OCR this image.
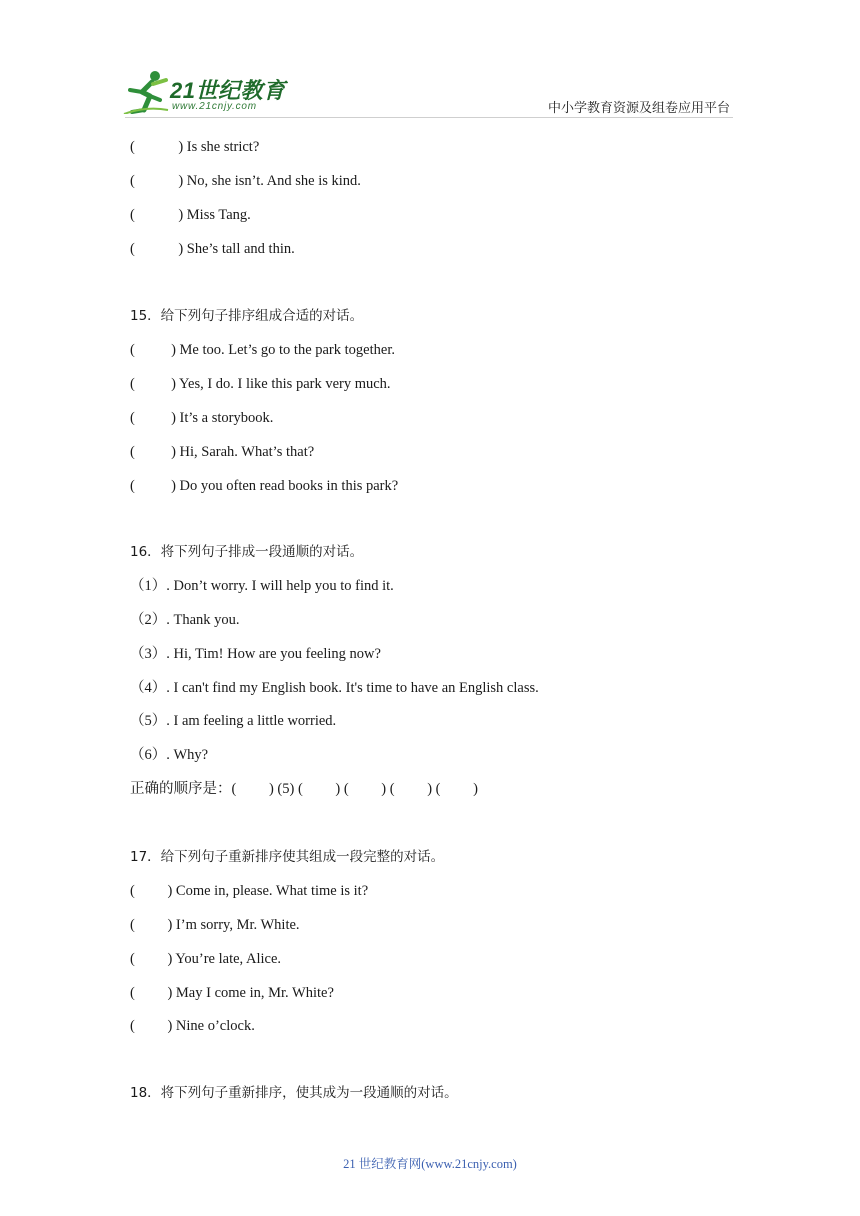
21世纪教育
www.21cnjy.com	中小学教育资源及组卷应用平台
(            ) Is she strict?
(            ) No, she isn’t. And she is kind.
(            ) Miss Tang.
(            ) She’s tall and thin.
15．给下列句子排序组成合适的对话。
(          ) Me too. Let’s go to the park together.
(          ) Yes, I do. I like this park very much.
(          ) It’s a storybook.
(          ) Hi, Sarah. What’s that?
(          ) Do you often read books in this park?
16．将下列句子排成一段通顺的对话。
（1）. Don’t worry. I will help you to find it.
（2）. Thank you.
（3）. Hi, Tim! How are you feeling now?
（4）. I can't find my English book. It's time to have an English class.
（5）. I am feeling a little worried.
（6）. Why?
正确的顺序是：(         ) (5) (         ) (         ) (         ) (         )
17．给下列句子重新排序使其组成一段完整的对话。
(         ) Come in, please. What time is it?
(         ) I’m sorry, Mr. White.
(         ) You’re late, Alice.
(         ) May I come in, Mr. White?
(         ) Nine o’clock.
18．将下列句子重新排序，使其成为一段通顺的对话。
21 世纪教育网(www.21cnjy.com)
